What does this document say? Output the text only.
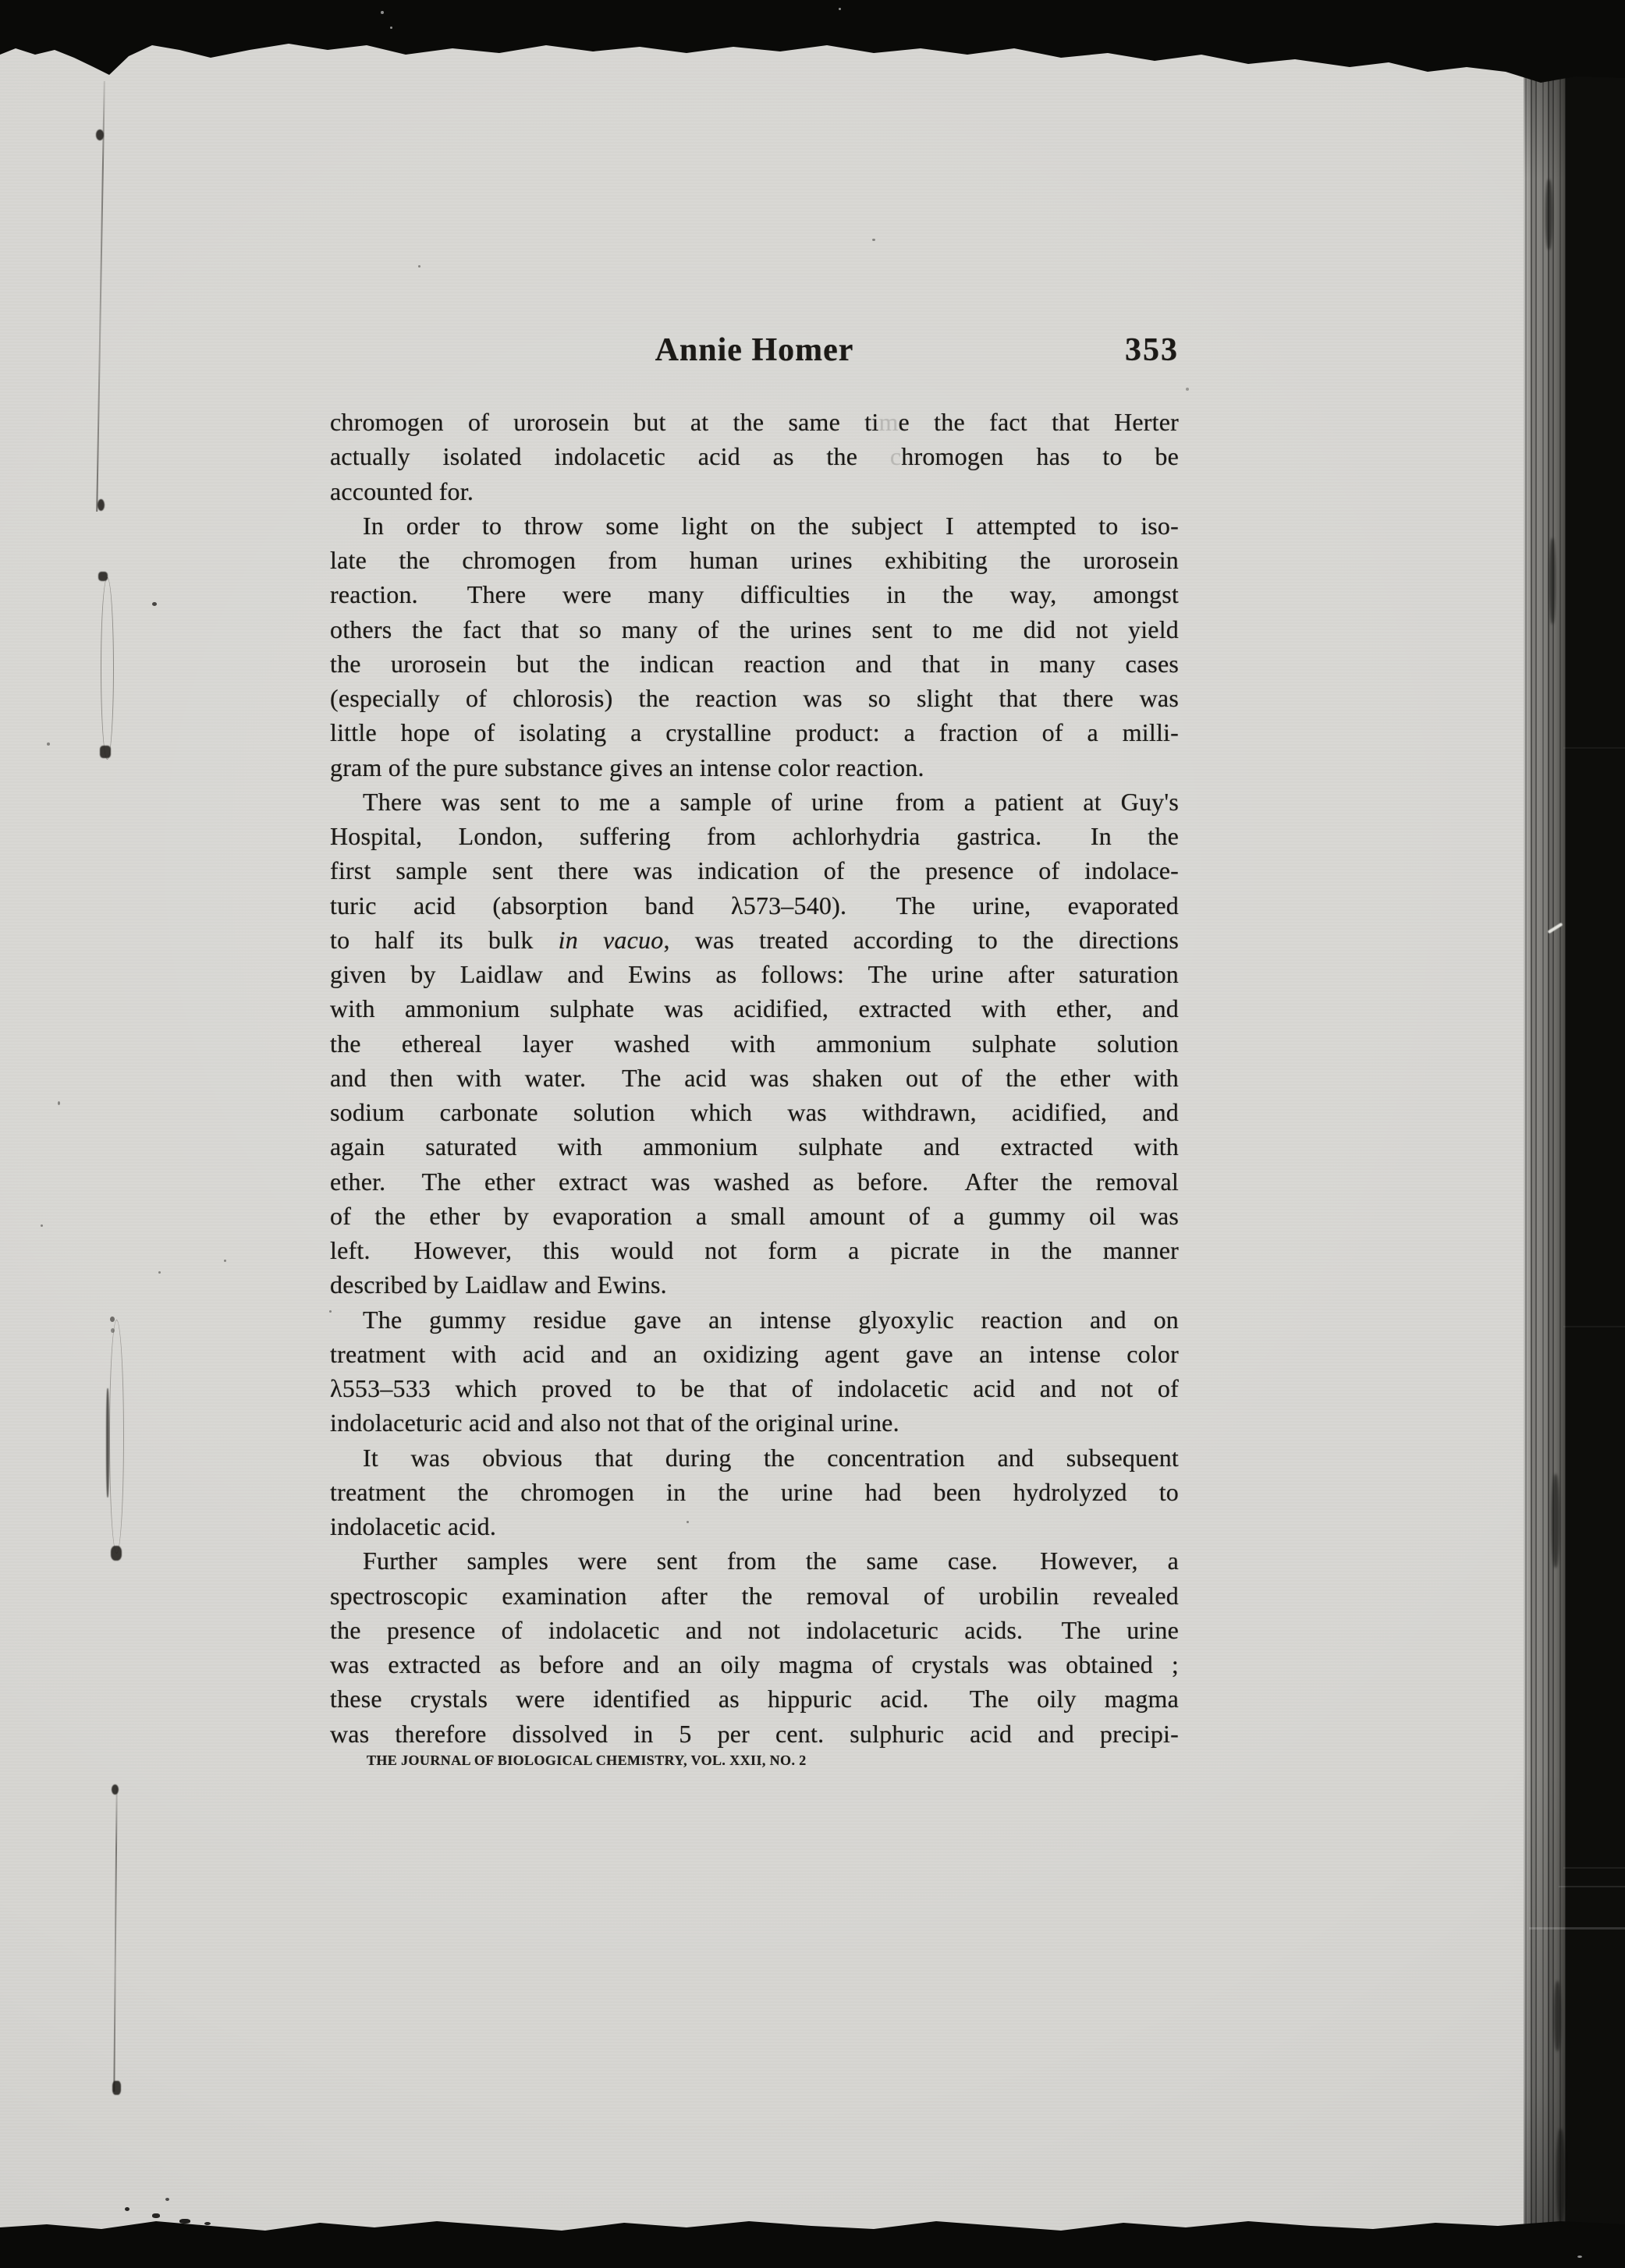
Annie Homer	353
chromogen of urorosein but at the same time the fact that Herter
actually isolated indolacetic acid as the chromogen has to be
accounted for.
In order to throw some light on the subject I attempted to iso-
late the chromogen from human urines exhibiting the urorosein
reaction.  There were many difficulties in the way, amongst
others the fact that so many of the urines sent to me did not yield
the urorosein but the indican reaction and that in many cases
(especially of chlorosis) the reaction was so slight that there was
little hope of isolating a crystalline product: a fraction of a milli-
gram of the pure substance gives an intense color reaction.
There was sent to me a sample of urine  from a patient at Guy's
Hospital, London, suffering from achlorhydria gastrica.  In the
first sample sent there was indication of the presence of indolace-
turic acid (absorption band λ573–540).  The urine, evaporated
to half its bulk in vacuo, was treated according to the directions
given by Laidlaw and Ewins as follows: The urine after saturation
with ammonium sulphate was acidified, extracted with ether, and
the ethereal layer washed with ammonium sulphate solution
and then with water.  The acid was shaken out of the ether with
sodium carbonate solution which was withdrawn, acidified, and
again saturated with ammonium sulphate and extracted with
ether.  The ether extract was washed as before.  After the removal
of the ether by evaporation a small amount of a gummy oil was
left.  However, this would not form a picrate in the manner
described by Laidlaw and Ewins.
The gummy residue gave an intense glyoxylic reaction and on
treatment with acid and an oxidizing agent gave an intense color
λ553–533 which proved to be that of indolacetic acid and not of
indolaceturic acid and also not that of the original urine.
It was obvious that during the concentration and subsequent
treatment the chromogen in the urine had been hydrolyzed to
indolacetic acid.
Further samples were sent from the same case.  However, a
spectroscopic examination after the removal of urobilin revealed
the presence of indolacetic and not indolaceturic acids.  The urine
was extracted as before and an oily magma of crystals was obtained ;
these crystals were identified as hippuric acid.  The oily magma
was therefore dissolved in 5 per cent. sulphuric acid and precipi-
THE JOURNAL OF BIOLOGICAL CHEMISTRY, VOL. XXII, NO. 2
